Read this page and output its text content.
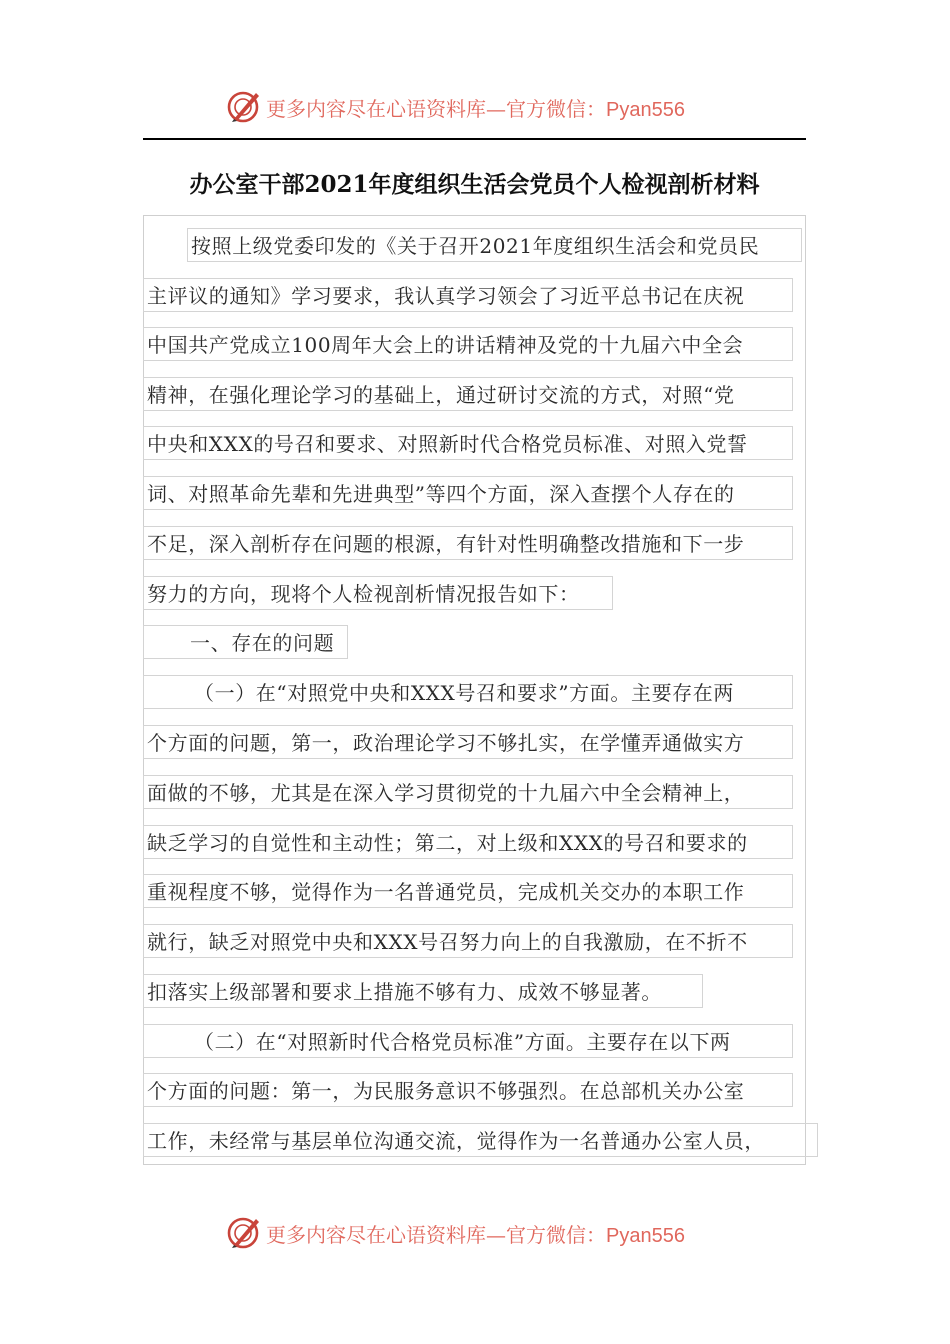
更多内容尽在心语资料库—官方微信：Pyan556
办公室干部2021年度组织生活会党员个人检视剖析材料
按照上级党委印发的《关于召开2021年度组织生活会和党员民
主评议的通知》学习要求，我认真学习领会了习近平总书记在庆祝
中国共产党成立100周年大会上的讲话精神及党的十九届六中全会
精神，在强化理论学习的基础上，通过研讨交流的方式，对照“党
中央和XXX的号召和要求、对照新时代合格党员标准、对照入党誓
词、对照革命先辈和先进典型”等四个方面，深入查摆个人存在的
不足，深入剖析存在问题的根源，有针对性明确整改措施和下一步
努力的方向，现将个人检视剖析情况报告如下：
一、存在的问题
（一）在“对照党中央和XXX号召和要求”方面。主要存在两
个方面的问题，第一，政治理论学习不够扎实，在学懂弄通做实方
面做的不够，尤其是在深入学习贯彻党的十九届六中全会精神上，
缺乏学习的自觉性和主动性；第二，对上级和XXX的号召和要求的
重视程度不够，觉得作为一名普通党员，完成机关交办的本职工作
就行，缺乏对照党中央和XXX号召努力向上的自我激励，在不折不
扣落实上级部署和要求上措施不够有力、成效不够显著。
（二）在“对照新时代合格党员标准”方面。主要存在以下两
个方面的问题：第一，为民服务意识不够强烈。在总部机关办公室
工作，未经常与基层单位沟通交流，觉得作为一名普通办公室人员，
更多内容尽在心语资料库—官方微信：Pyan556
